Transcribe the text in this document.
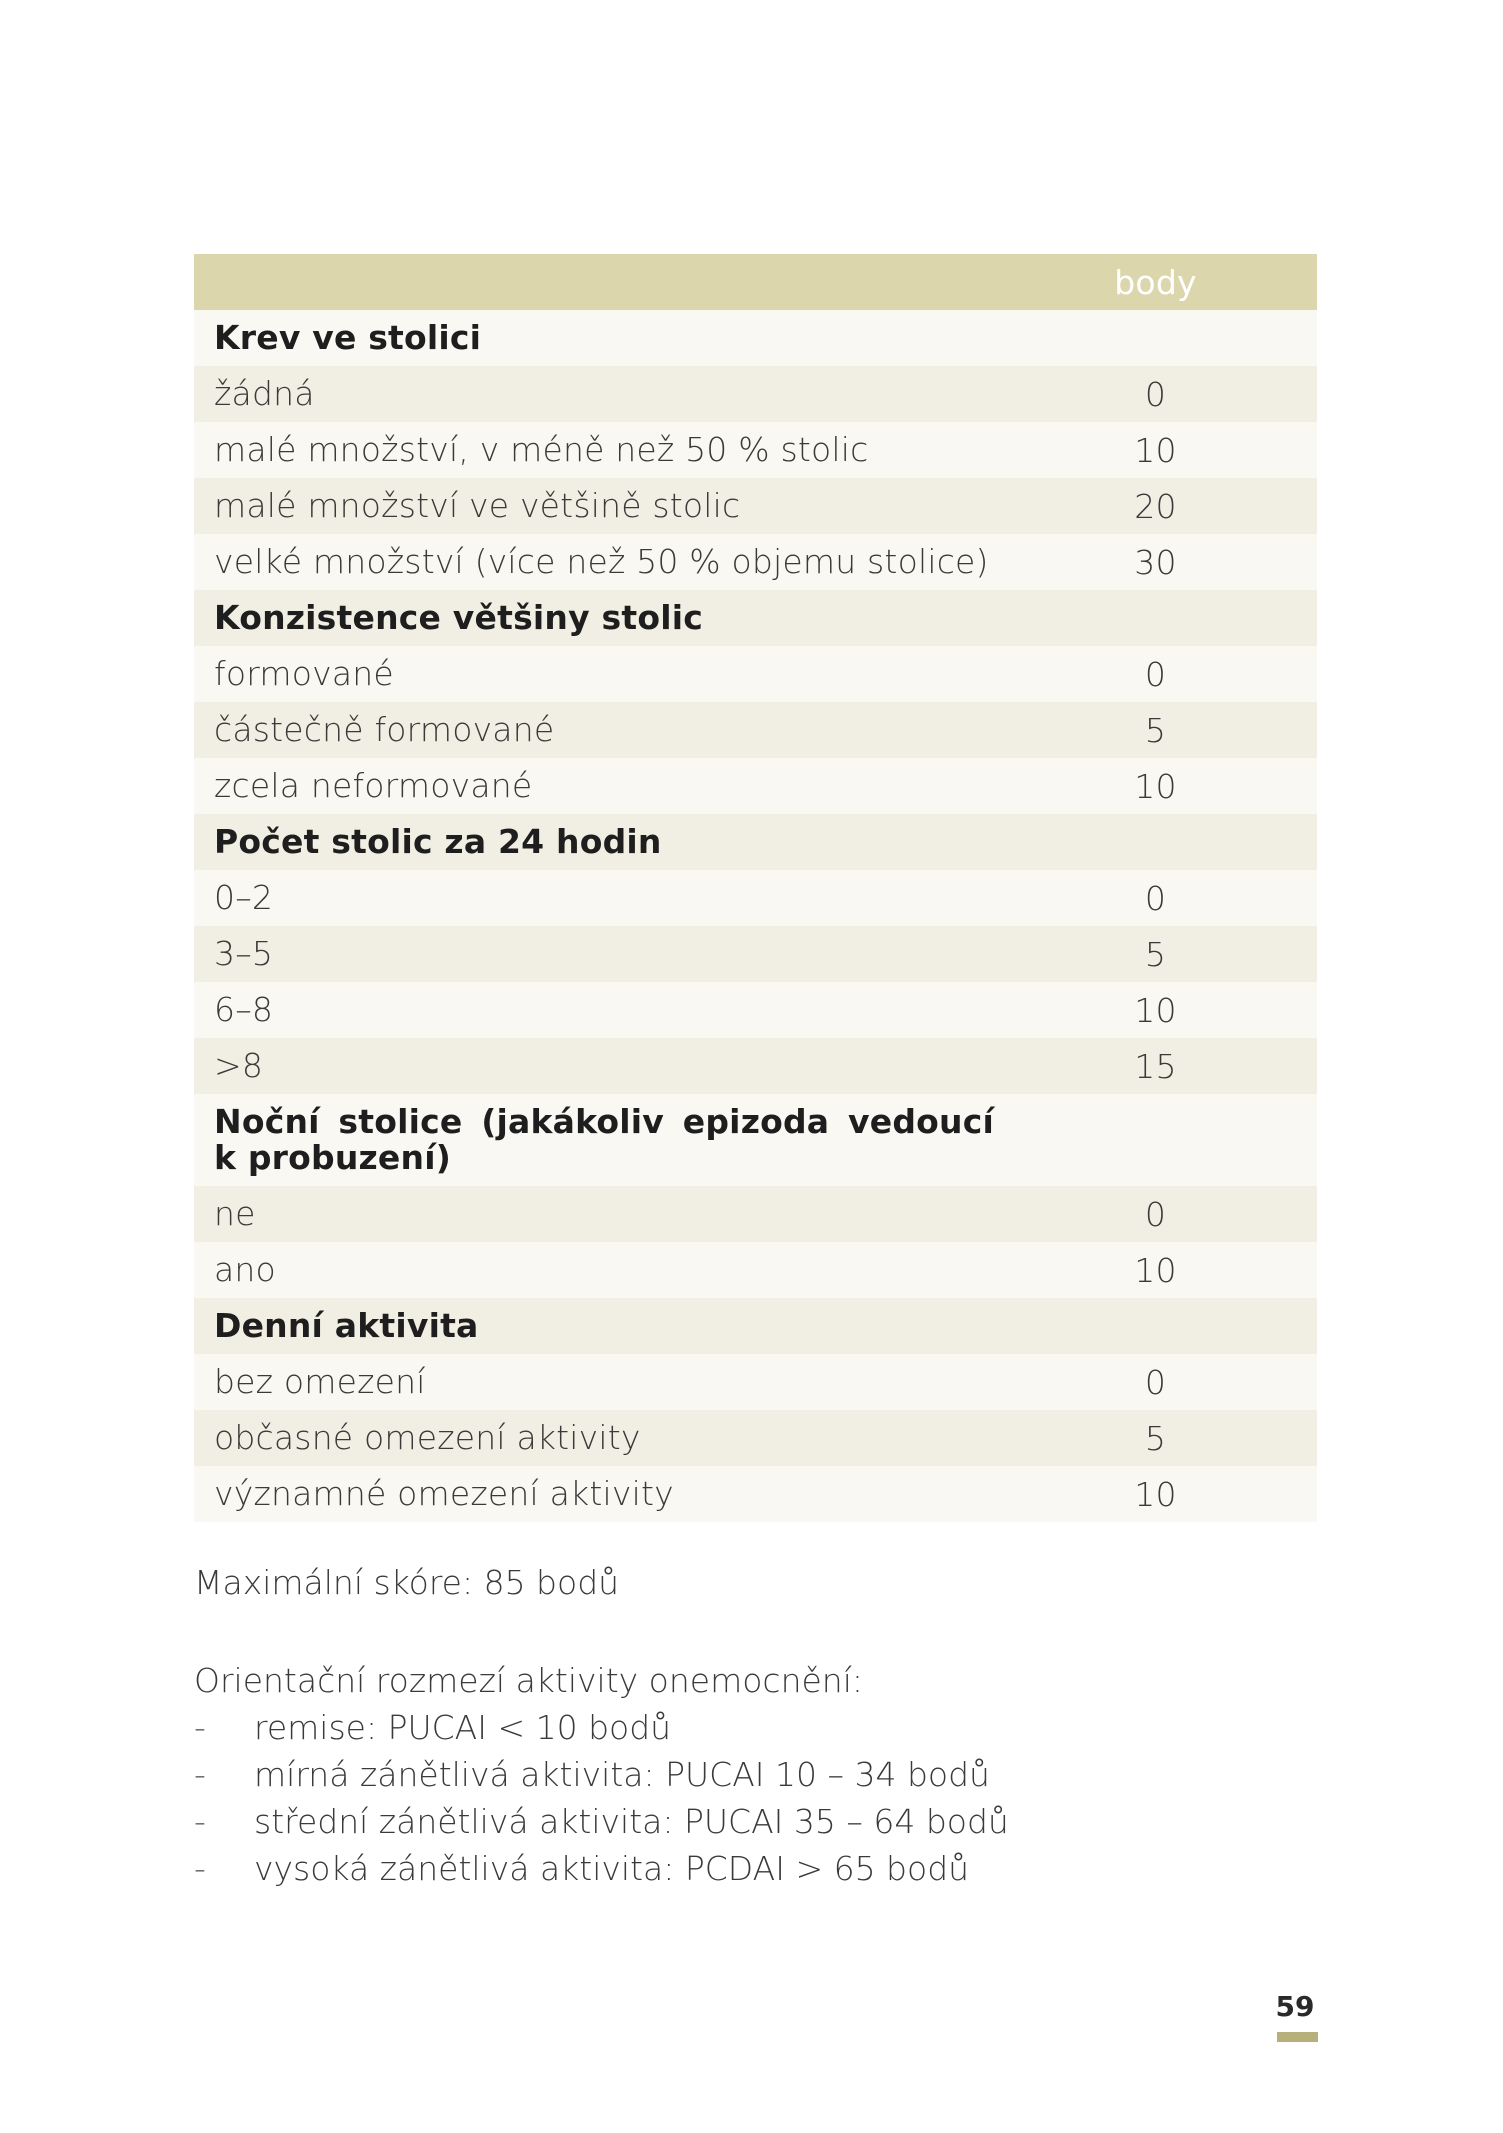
body
Krev ve stolici
žádná	0
malé množství, v méně než 50 % stolic	10
malé množství ve většině stolic	20
velké množství (více než 50 % objemu stolice)	30
Konzistence většiny stolic
formované	0
částečně formované	5
zcela neformované	10
Počet stolic za 24 hodin
0–2	0
3–5	5
6–8	10
>8	15
Noční stolice (jakákoliv epizoda vedoucí k probuzení)
ne	0
ano	10
Denní aktivita
bez omezení	0
občasné omezení aktivity	5
významné omezení aktivity	10

Maximální skóre: 85 bodů

Orientační rozmezí aktivity onemocnění:

-	remise: PUCAI < 10 bodů
-	mírná zánětlivá aktivita: PUCAI 10 – 34 bodů
-	střední zánětlivá aktivita: PUCAI 35 – 64 bodů
-	vysoká zánětlivá aktivita: PCDAI > 65 bodů
59
